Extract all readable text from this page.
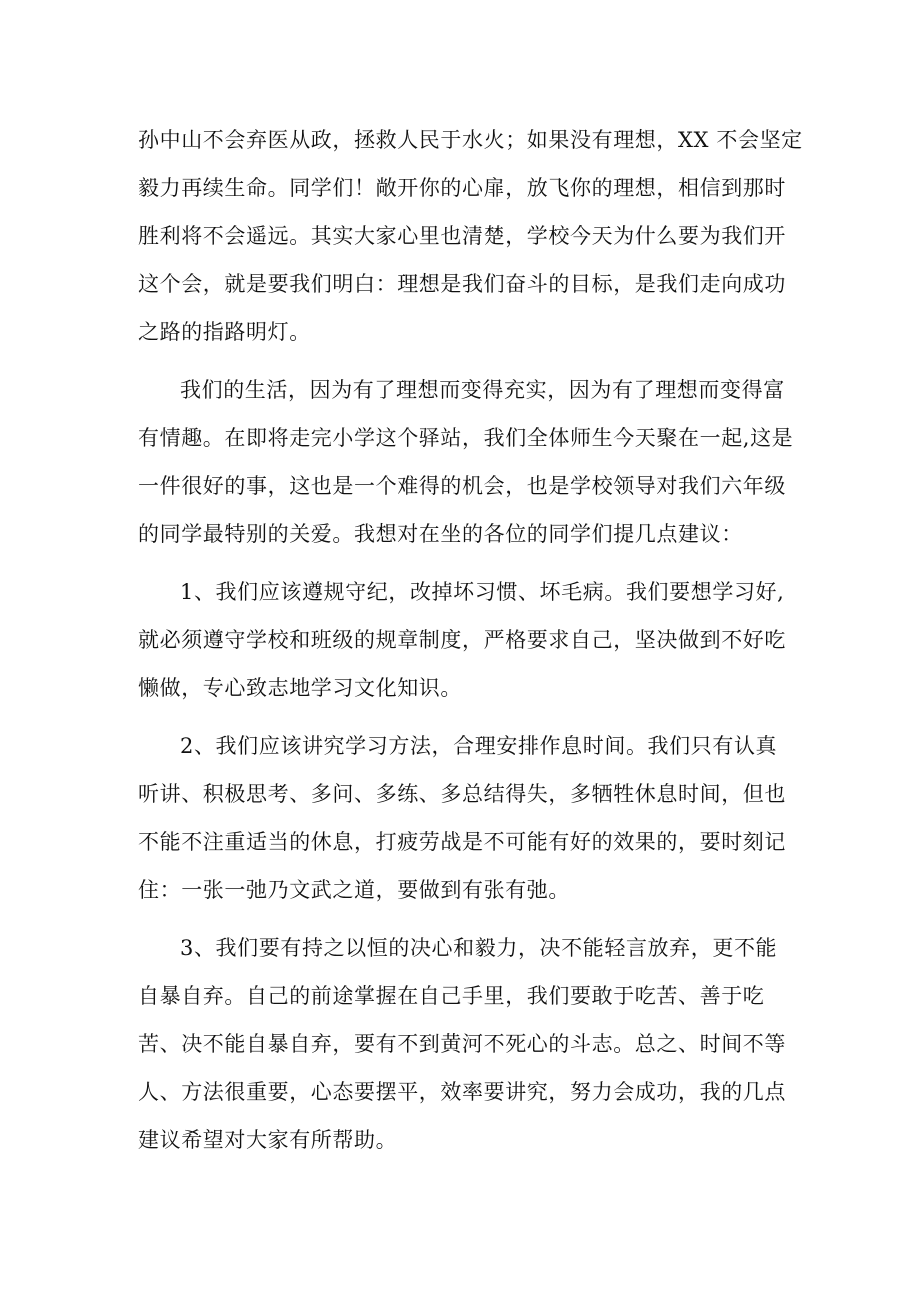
孙中山不会弃医从政，拯救人民于水火；如果没有理想，XX 不会坚定
毅力再续生命。同学们！敞开你的心扉，放飞你的理想，相信到那时
胜利将不会遥远。其实大家心里也清楚，学校今天为什么要为我们开
这个会，就是要我们明白：理想是我们奋斗的目标，是我们走向成功
之路的指路明灯。
我们的生活，因为有了理想而变得充实，因为有了理想而变得富
有情趣。在即将走完小学这个驿站，我们全体师生今天聚在一起,这是
一件很好的事，这也是一个难得的机会，也是学校领导对我们六年级
的同学最特别的关爱。我想对在坐的各位的同学们提几点建议：
1、我们应该遵规守纪，改掉坏习惯、坏毛病。我们要想学习好,
就必须遵守学校和班级的规章制度，严格要求自己，坚决做到不好吃
懒做，专心致志地学习文化知识。
2、我们应该讲究学习方法，合理安排作息时间。我们只有认真
听讲、积极思考、多问、多练、多总结得失，多牺牲休息时间，但也
不能不注重适当的休息，打疲劳战是不可能有好的效果的，要时刻记
住：一张一弛乃文武之道，要做到有张有弛。
3、我们要有持之以恒的决心和毅力，决不能轻言放弃，更不能
自暴自弃。自己的前途掌握在自己手里，我们要敢于吃苦、善于吃
苦、决不能自暴自弃，要有不到黄河不死心的斗志。总之、时间不等
人、方法很重要，心态要摆平，效率要讲究，努力会成功，我的几点
建议希望对大家有所帮助。
